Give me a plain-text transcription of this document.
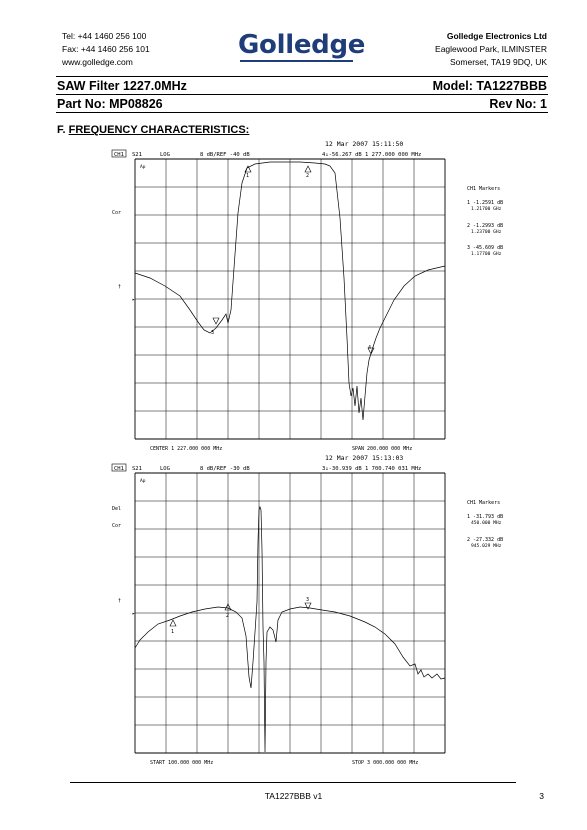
Tel: +44 1460 256 100
Fax: +44 1460 256 101
www.golledge.com
Golledge	Golledge Electronics Ltd
Eaglewood Park, ILMINSTER
Somerset, TA19 9DQ, UK
SAW Filter 1227.0MHz	Model: TA1227BBB
Part No: MP08826	Rev No: 1
F. FREQUENCY CHARACTERISTICS:
12 Mar 2007 15:11:50
CH1 S21	LOG	8 dB/REF -40 dB	4↓-56.267 dB 1 277.000 000 MHz
Ap
Cor
†
▸
1	2
3
4
CH1 Markers
1 -1.2591 dB
1.21700 GHz
2 -1.2993 dB
1.23700 GHz
3 -45.609 dB
1.17700 GHz
CENTER 1 227.000 000 MHz	SPAN 200.000 000 MHz
12 Mar 2007 15:13:03
CH1 S21	LOG	8 dB/REF -30 dB	3↓-30.939 dB 1 700.740 031 MHz
Ap
Del
Cor
†
▸
1
2
3
CH1 Markers
1 -31.793 dB
450.000 MHz
2 -27.332 dB
945.029 MHz
START 100.000 000 MHz	STOP 3 000.000 000 MHz
TA1227BBB v1	3
